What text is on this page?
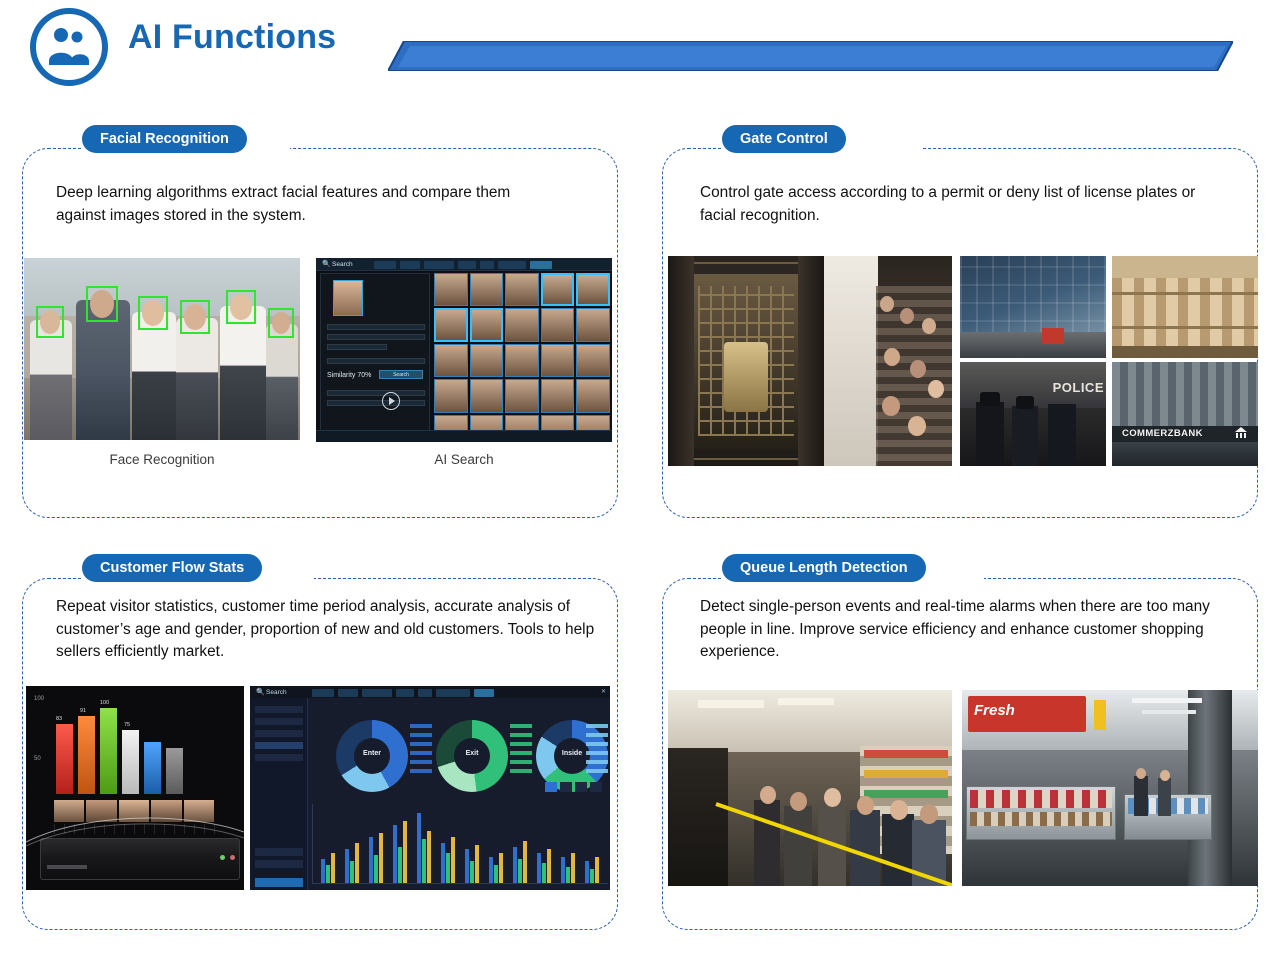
AI Functions
Facial Recognition
Deep learning algorithms extract facial features and compare them against images stored in the system.
🔍 Search
Similarity 70%	Search
Face Recognition	AI Search
Gate Control
Control gate access according to a permit or deny list of license plates or facial recognition.
POLICE
COMMERZBANK
Customer Flow Stats
Repeat visitor statistics, customer time period analysis, accurate analysis of customer’s age and gender, proportion of new and old customers. Tools to help sellers efficiently market.
100
50
83
91
100
75
🔍 Search	✕
Enter	Exit	Inside
Queue Length Detection
Detect single-person events and real-time alarms when there are too many people in line. Improve service efficiency and enhance customer shopping experience.
Fresh
